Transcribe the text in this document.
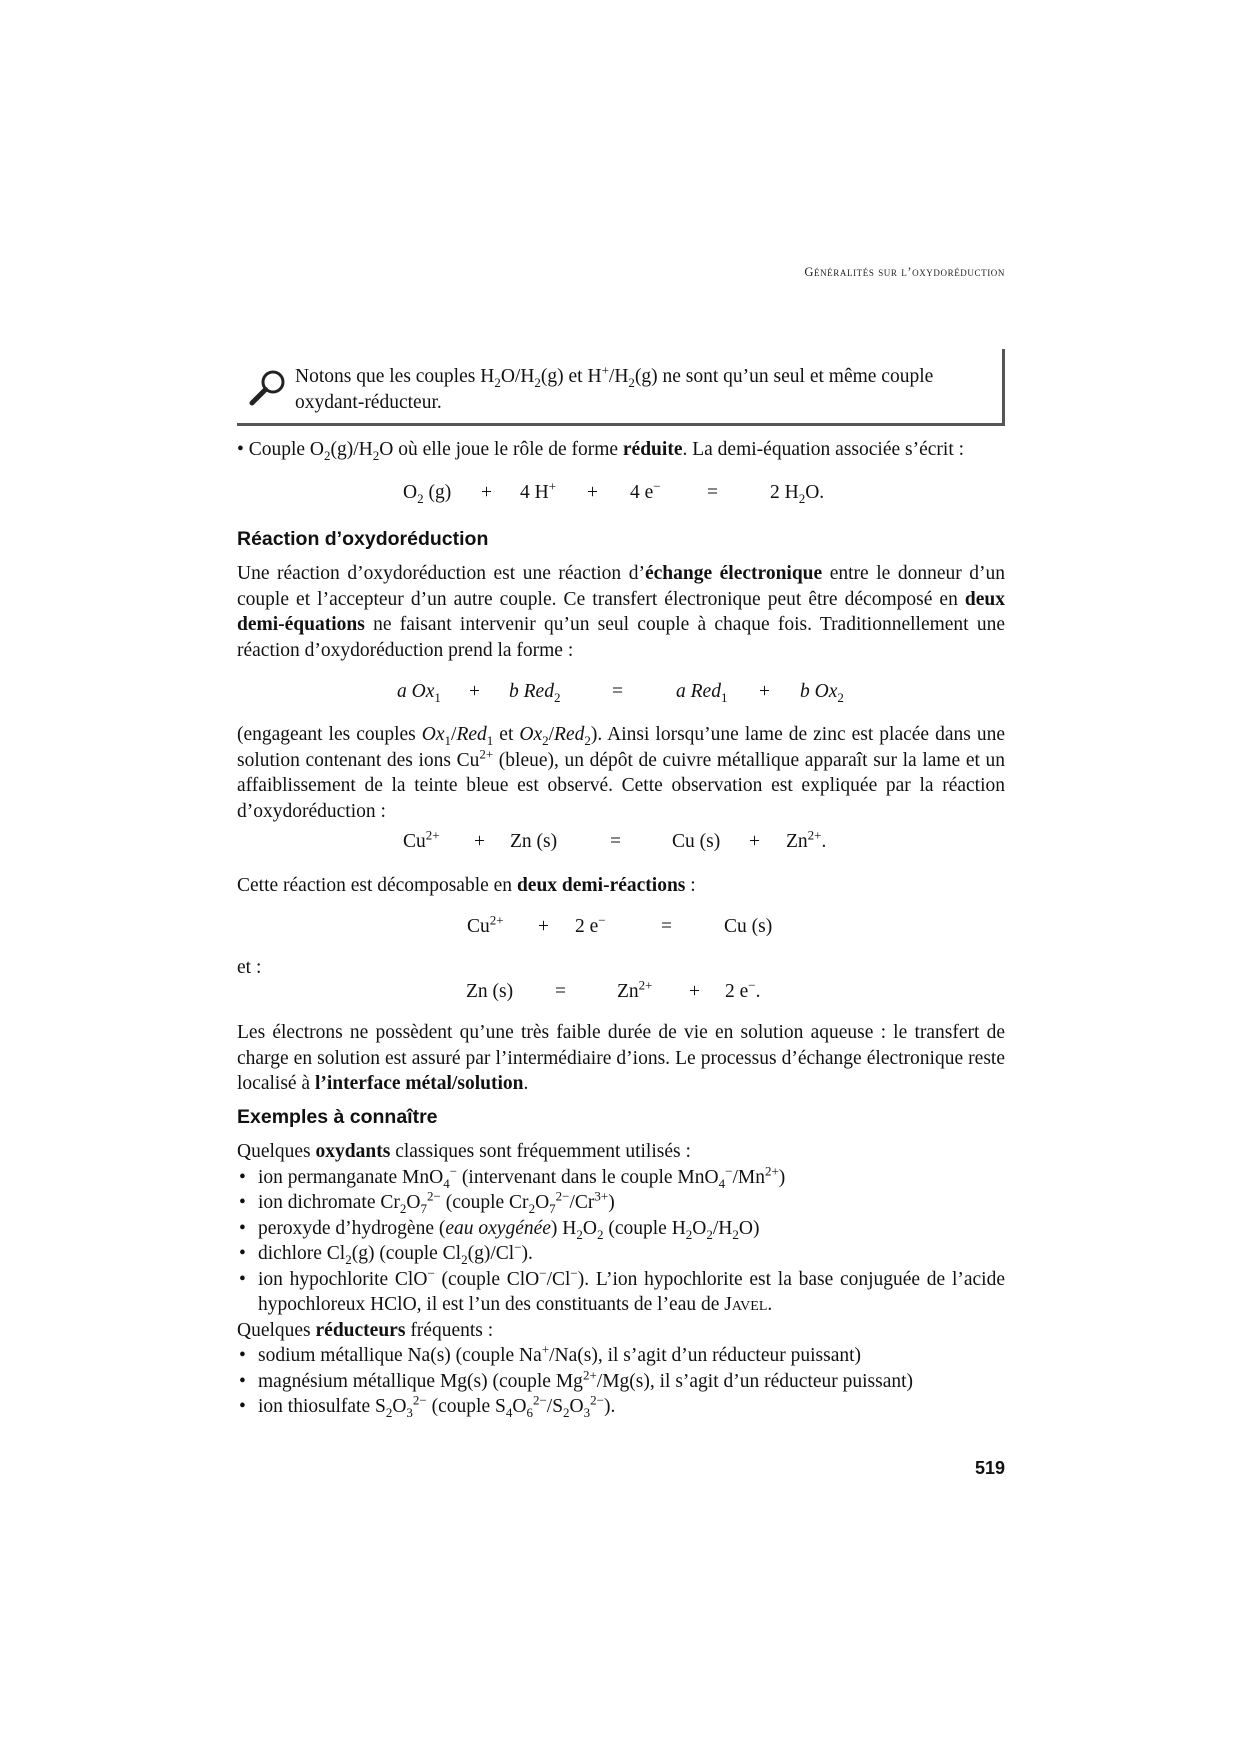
Généralités sur l’oxydoréduction
Notons que les couples $H_2O/H_2(g)$ et $H^+/H_2(g)$ ne sont qu’un seul et même couple
oxydant-réducteur.
• Couple $O_2(g)/H_2O$ où elle joue le rôle de forme réduite. La demi-équation associée s’écrit :
$O_2$ (g) + 4 H+ + 4 e− =	2 $H_2O$.
Réaction d’oxydoréduction
Une réaction d’oxydoréduction est une réaction d’échange électronique entre le donneur d’un couple et l’accepteur d’un autre couple. Ce transfert électronique peut être décomposé en deux demi-équations ne faisant intervenir qu’un seul couple à chaque fois. Traditionnellement une réaction d’oxydoréduction prend la forme :
a $Ox_1 + b$ Red$_2$	=	a Red$_1$ + b $Ox_2$
(engageant les couples $Ox_1/Red_1$ et $Ox_2/Red_2$). Ainsi lorsqu’une lame de zinc est placée dans une solution contenant des ions $Cu^{2+}$ (bleue), un dépôt de cuivre métallique apparaît sur la lame et un affaiblissement de la teinte bleue est observé. Cette observation est expliquée par la réaction d’oxydoréduction :
$Cu^{2+} + Zn$ (s)	=	Cu $(s) + Zn^{2+}$.
Cette réaction est décomposable en deux demi-réactions :
$Cu^{2+} + 2$ e−	=	Cu (s)
et :
Zn (s) =	$Zn^{2+} + 2$ e−.
Les électrons ne possèdent qu’une très faible durée de vie en solution aqueuse : le transfert de charge en solution est assuré par l’intermédiaire d’ions. Le processus d’échange électronique reste localisé à l’interface métal/solution.
Exemples à connaître
Quelques oxydants classiques sont fréquemment utilisés :
• ion permanganate MnO$_4$− (intervenant dans le couple $MnO_4^-/Mn^{2+}$)
• ion dichromate $Cr_2O_7^{2-}$ (couple $Cr_2O_7^{2-}/Cr^{3+}$)
• peroxyde d’hydrogène (eau oxygénée) $H_2O_2$ (couple $H_2O_2/H_2O$)
• dichlore $Cl_2(g)$ (couple $Cl_2(g)/Cl^-$).
• ion hypochlorite ClO− (couple ClO−/Cl−). L’ion hypochlorite est la base conjuguée de l’acide hypochloreux HClO, il est l’un des constituants de l’eau de Javel.
Quelques réducteurs fréquents :
• sodium métallique Na(s) (couple Na+/Na(s), il s’agit d’un réducteur puissant)
• magnésium métallique Mg(s) (couple $Mg^{2+}/Mg(s)$, il s’agit d’un réducteur puissant)
• ion thiosulfate $S_2O_3^{2-}$ (couple $S_4O_6^{2-}/S_2O_3^{2-}$).
519
